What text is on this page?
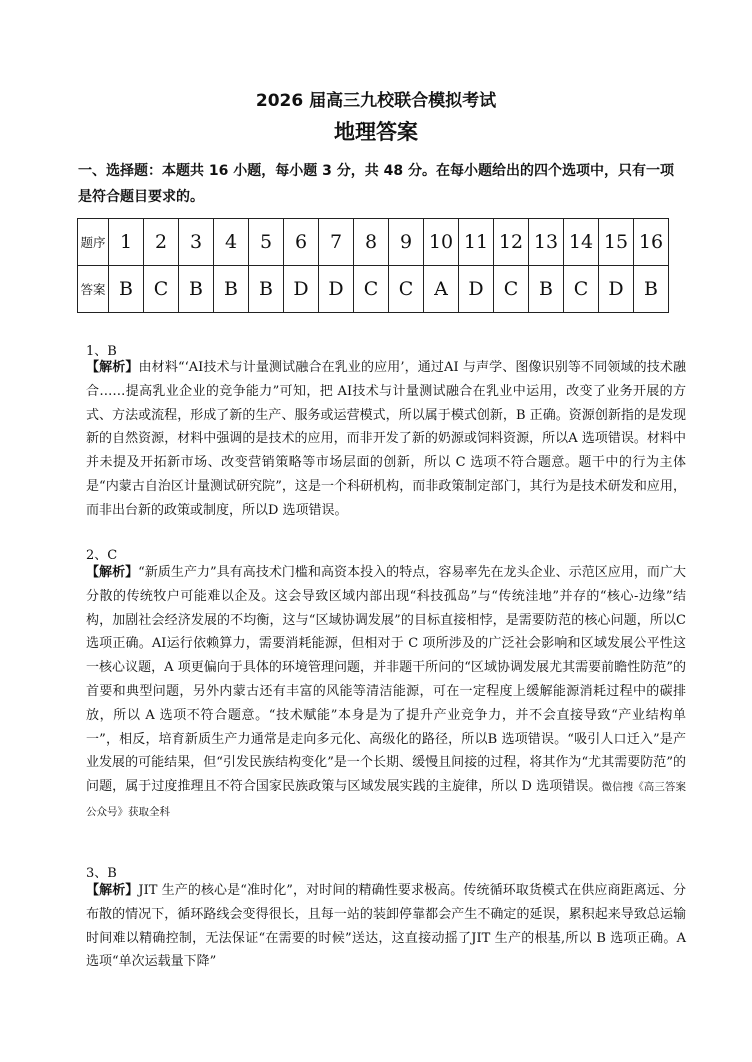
2026 届高三九校联合模拟考试
地理答案
一、选择题：本题共 16 小题，每小题 3 分，共 48 分。在每小题给出的四个选项中，只有一项是符合题目要求的。
题序	1	2	3	4	5	6	7	8	9	10	11	12	13	14	15	16
答案	B	C	B	B	B	D	D	C	C	A	D	C	B	C	D	B
1、B
【解析】由材料“‘AI技术与计量测试融合在乳业的应用’，通过AI 与声学、图像识别等不同领域的技术融合……提高乳业企业的竞争能力”可知，把 AI技术与计量测试融合在乳业中运用，改变了业务开展的方式、方法或流程，形成了新的生产、服务或运营模式，所以属于模式创新，B 正确。资源创新指的是发现新的自然资源，材料中强调的是技术的应用，而非开发了新的奶源或饲料资源，所以A 选项错误。材料中并未提及开拓新市场、改变营销策略等市场层面的创新，所以 C 选项不符合题意。题干中的行为主体是“内蒙古自治区计量测试研究院”，这是一个科研机构，而非政策制定部门，其行为是技术研发和应用，而非出台新的政策或制度，所以D 选项错误。
2、C
【解析】“新质生产力”具有高技术门槛和高资本投入的特点，容易率先在龙头企业、示范区应用，而广大分散的传统牧户可能难以企及。这会导致区域内部出现“科技孤岛”与“传统洼地”并存的“核心-边缘”结构，加剧社会经济发展的不均衡，这与“区域协调发展”的目标直接相悖，是需要防范的核心问题，所以C选项正确。AI运行依赖算力，需要消耗能源，但相对于 C 项所涉及的广泛社会影响和区域发展公平性这一核心议题，A 项更偏向于具体的环境管理问题，并非题干所问的“区域协调发展尤其需要前瞻性防范”的首要和典型问题，另外内蒙古还有丰富的风能等清洁能源，可在一定程度上缓解能源消耗过程中的碳排放，所以 A 选项不符合题意。“技术赋能”本身是为了提升产业竞争力，并不会直接导致“产业结构单一”，相反，培育新质生产力通常是走向多元化、高级化的路径，所以B 选项错误。“吸引人口迁入”是产业发展的可能结果，但“引发民族结构变化”是一个长期、缓慢且间接的过程，将其作为“尤其需要防范”的问题，属于过度推理且不符合国家民族政策与区域发展实践的主旋律，所以 D 选项错误。微信搜《高三答案公众号》获取全科
3、B
【解析】JIT 生产的核心是“准时化”，对时间的精确性要求极高。传统循环取货模式在供应商距离远、分布散的情况下，循环路线会变得很长，且每一站的装卸停靠都会产生不确定的延误，累积起来导致总运输时间难以精确控制，无法保证“在需要的时候”送达，这直接动摇了JIT 生产的根基,所以 B 选项正确。A 选项“单次运载量下降”
